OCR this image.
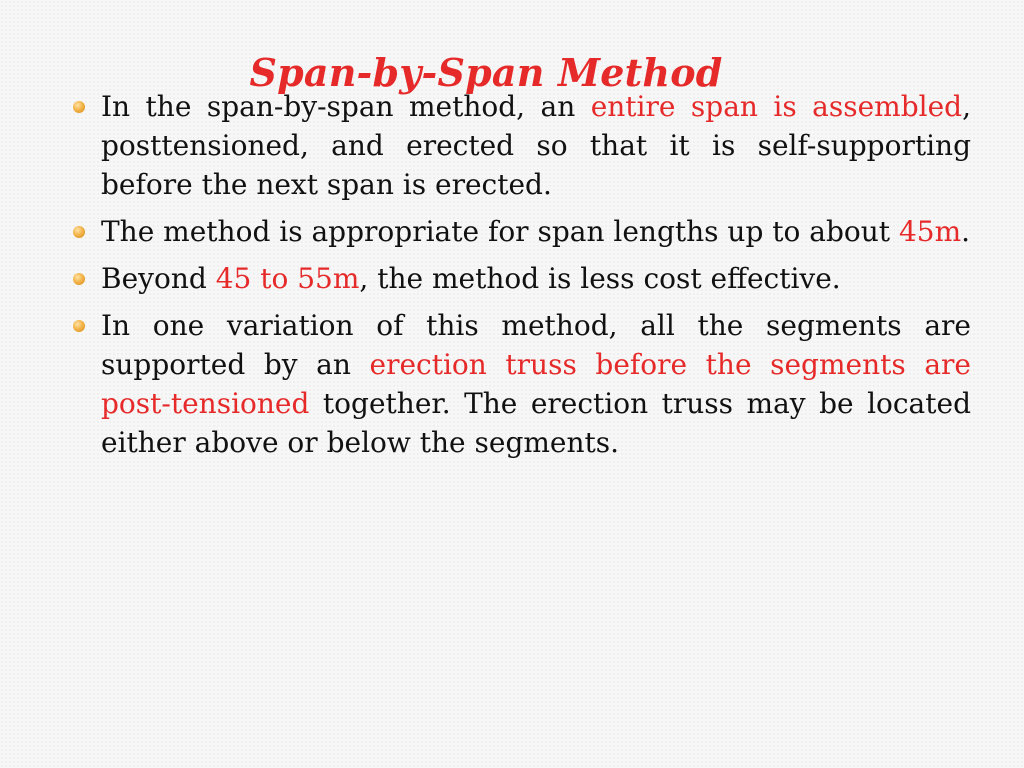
Span-by-Span Method
In the span-by-span method, an entire span is assembled, posttensioned, and erected so that it is self-supporting before the next span is erected.
The method is appropriate for span lengths up to about 45m.
Beyond 45 to 55m, the method is less cost effective.
In one variation of this method, all the segments are supported by an erection truss before the segments are post-tensioned together. The erection truss may be located either above or below the segments.
